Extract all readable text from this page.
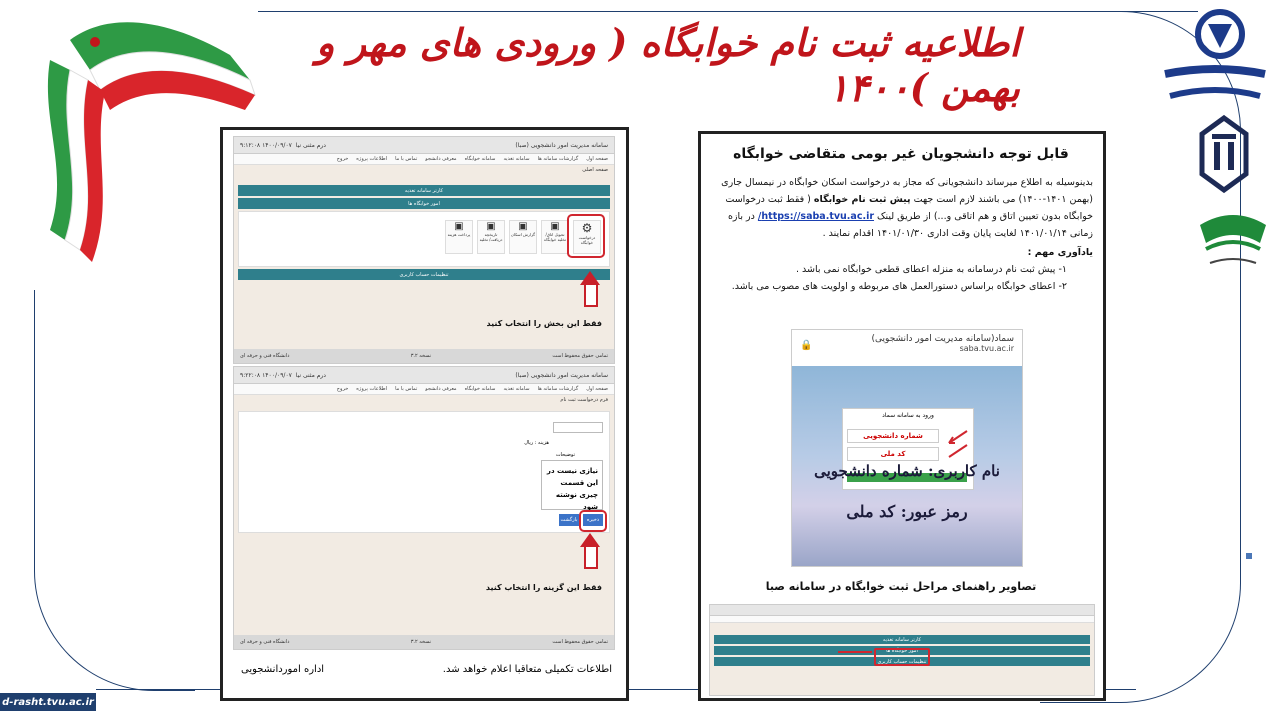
اطلاعیه ثبت نام خوابگاه ( ورودی های مهر و بهمن )۱۴۰۰
سامانه مدیریت امور دانشجویی (صبا)
درم مثنی نیا  ۱۴۰۰/۰۹/۰۷ ۹:۱۲:۰۸
صفحه اول
گزارشات سامانه ها
سامانه تغذیه
سامانه خوابگاه
معرفی دانشجو
تماس با ما
اطلاعات پروژه
خروج
صفحه اصلی
کارتر سامانه تغذیه
امور خوابگاه ها
⚙
درخواست خوابگاه
▣
تحویل اتاق/ تخلیه خوابگاه
▣
گزارش اسکان
▣
تاریخچه دریافت/ تخلیه
▣
پرداخت هزینه
تنظیمات حساب کاربری
فقط این بخش را انتخاب کنید
تمامی حقوق محفوظ است
نسخه ۳.۲
دانشگاه فنی و حرفه ای
سامانه مدیریت امور دانشجویی (صبا)
درم مثنی نیا  ۱۴۰۰/۰۹/۰۷ ۹:۲۲:۰۸
صفحه اول
گزارشات سامانه ها
سامانه تغذیه
سامانه خوابگاه
معرفی دانشجو
تماس با ما
اطلاعات پروژه
خروج
فرم درخواست ثبت نام
هزینه : ریال
توضیحات
نیازی نیست در این قسمت چیزی نوشته شود
ذخیره
بازگشت
فقط این گزینه را انتخاب کنید
تمامی حقوق محفوظ است
نسخه ۳.۲
دانشگاه فنی و حرفه ای
اداره اموردانشجویی	اطلاعات تکمیلی متعاقبا اعلام خواهد شد.
قابل توجه دانشجویان غیر بومی متقاضی خوابگاه
بدینوسیله به اطلاع میرساند دانشجویانی که مجاز به درخواست اسکان خوابگاه در نیمسال جاری (بهمن ۱۴۰۱-۱۴۰۰) می باشند لازم است جهت پیش ثبت نام خوابگاه ( فقط ثبت درخواست خوابگاه بدون تعیین اتاق و هم اتاقی و...) از طریق لینک https://saba.tvu.ac.ir/ در بازه زمانی ۱۴۰۱/۰۱/۱۴ لغایت پایان وقت اداری ۱۴۰۱/۰۱/۳۰ اقدام نمایند .
یادآوری مهم :
۱- پیش ثبت نام درسامانه به منزله اعطای قطعی خوابگاه نمی باشد .
۲- اعطای خوابگاه براساس دستورالعمل های مربوطه و اولویت های مصوب می باشد.
سماد(سامانه مدیریت امور دانشجویی)
saba.tvu.ac.ir
🔒
ورود به سامانه سماد
شماره دانشجویی
کد ملی
نام کاربری: شماره دانشجویی
رمز عبور: کد ملی
تصاویر راهنمای مراحل ثبت خوابگاه در سامانه صبا
کارتر سامانه تغذیه
امور خوابگاه ها
تنظیمات حساب کاربری
d-rasht.tvu.ac.ir
